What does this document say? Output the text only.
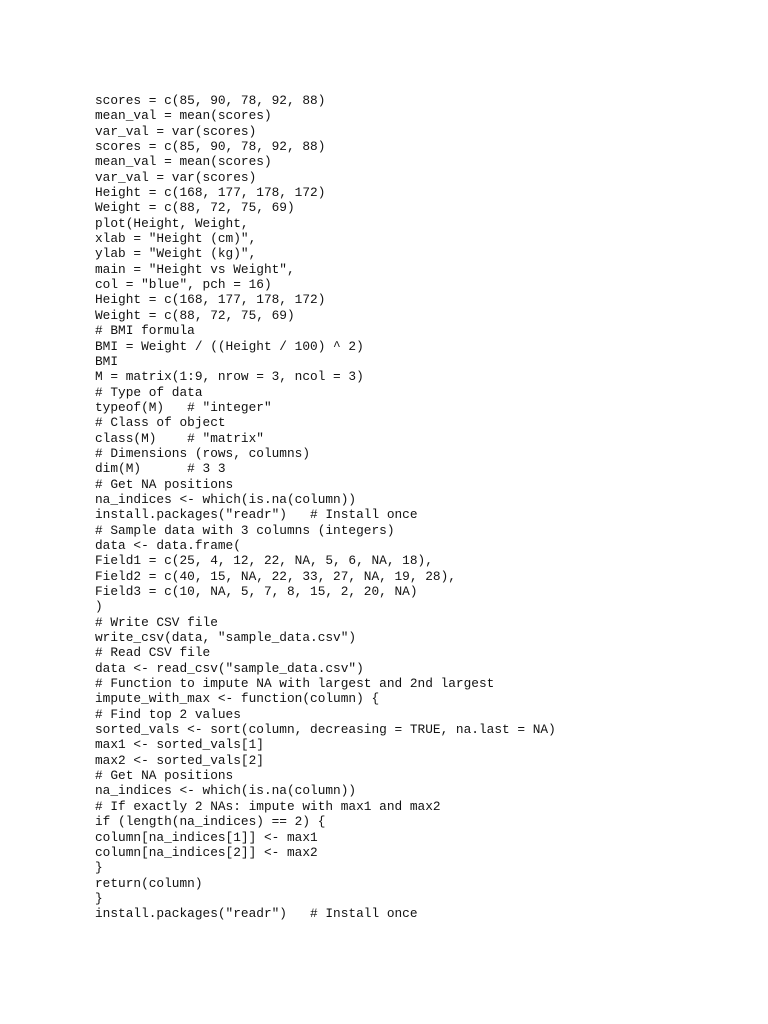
scores = c(85, 90, 78, 92, 88)
mean_val = mean(scores)
var_val = var(scores)
scores = c(85, 90, 78, 92, 88)
mean_val = mean(scores)
var_val = var(scores)
Height = c(168, 177, 178, 172)
Weight = c(88, 72, 75, 69)
plot(Height, Weight,
xlab = "Height (cm)",
ylab = "Weight (kg)",
main = "Height vs Weight",
col = "blue", pch = 16)
Height = c(168, 177, 178, 172)
Weight = c(88, 72, 75, 69)
# BMI formula
BMI = Weight / ((Height / 100) ^ 2)
BMI
M = matrix(1:9, nrow = 3, ncol = 3)
# Type of data
typeof(M)   # "integer"
# Class of object
class(M)    # "matrix"
# Dimensions (rows, columns)
dim(M)      # 3 3
# Get NA positions
na_indices <- which(is.na(column))
install.packages("readr")   # Install once
# Sample data with 3 columns (integers)
data <- data.frame(
Field1 = c(25, 4, 12, 22, NA, 5, 6, NA, 18),
Field2 = c(40, 15, NA, 22, 33, 27, NA, 19, 28),
Field3 = c(10, NA, 5, 7, 8, 15, 2, 20, NA)
)
# Write CSV file
write_csv(data, "sample_data.csv")
# Read CSV file
data <- read_csv("sample_data.csv")
# Function to impute NA with largest and 2nd largest
impute_with_max <- function(column) {
# Find top 2 values
sorted_vals <- sort(column, decreasing = TRUE, na.last = NA)
max1 <- sorted_vals[1]
max2 <- sorted_vals[2]
# Get NA positions
na_indices <- which(is.na(column))
# If exactly 2 NAs: impute with max1 and max2
if (length(na_indices) == 2) {
column[na_indices[1]] <- max1
column[na_indices[2]] <- max2
}
return(column)
}
install.packages("readr")   # Install once
